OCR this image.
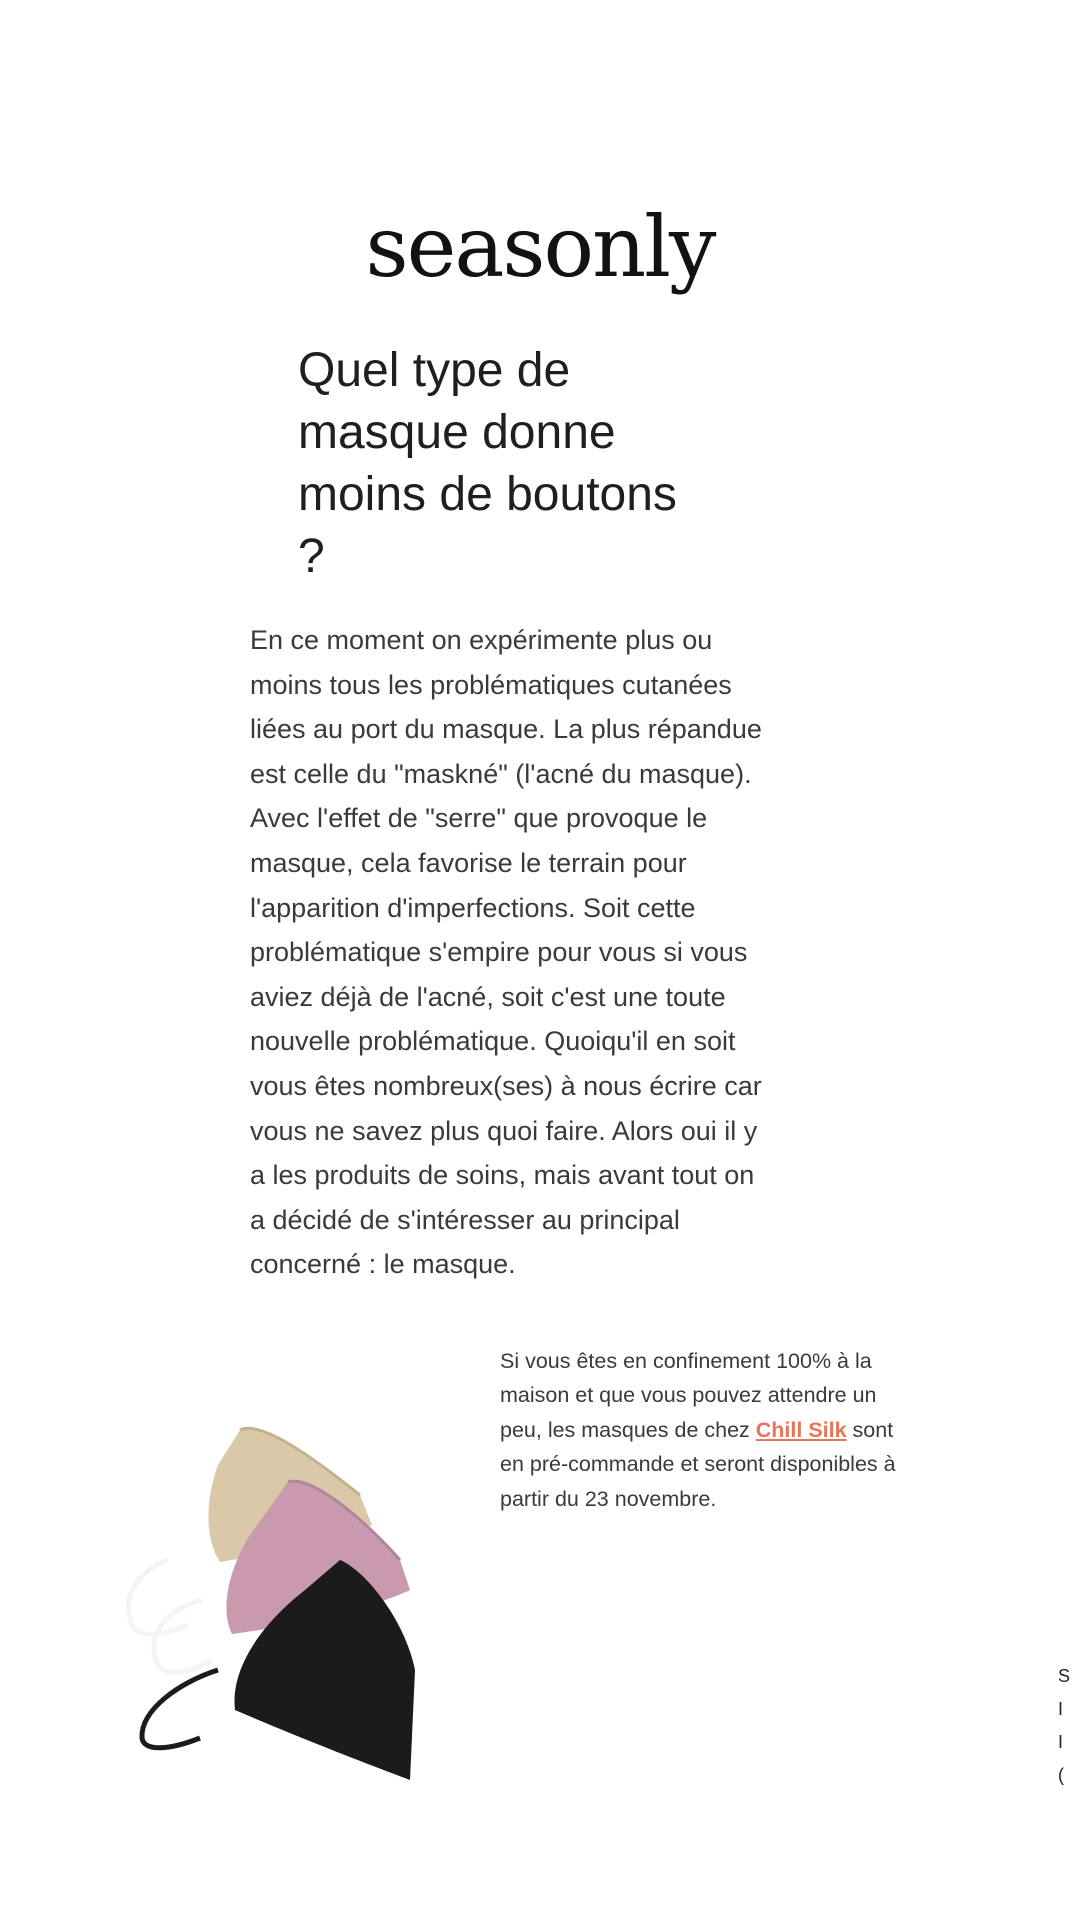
seasonly
Quel type de
masque donne
moins de boutons
?
En ce moment on expérimente plus ou
moins tous les problématiques cutanées
liées au port du masque. La plus répandue
est celle du "maskné" (l'acné du masque).
Avec l'effet de "serre" que provoque le
masque, cela favorise le terrain pour
l'apparition d'imperfections. Soit cette
problématique s'empire pour vous si vous
aviez déjà de l'acné, soit c'est une toute
nouvelle problématique. Quoiqu'il en soit
vous êtes nombreux(ses) à nous écrire car
vous ne savez plus quoi faire. Alors oui il y
a les produits de soins, mais avant tout on
a décidé de s'intéresser au principal
concerné : le masque.
Si vous êtes en confinement 100% à la
maison et que vous pouvez attendre un
peu, les masques de chez Chill Silk sont
en pré-commande et seront disponibles à
partir du 23 novembre.
S
I
I
(
